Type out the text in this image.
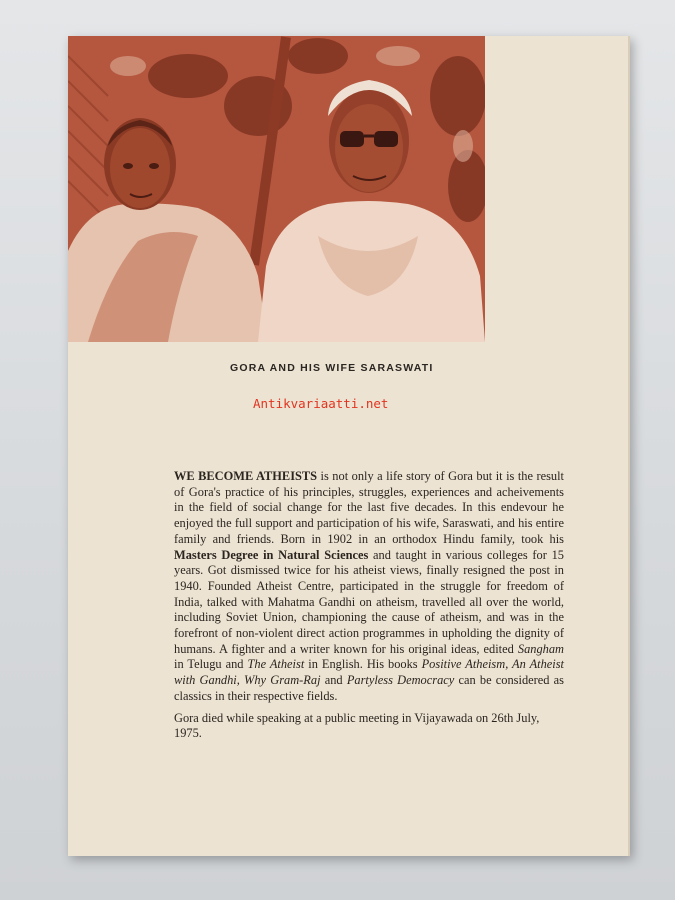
GORA AND HIS WIFE SARASWATI
Antikvariaatti.net

WE BECOME ATHEISTS is not only a life story of Gora but it is the result of Gora's practice of his principles, struggles, experiences and acheivements in the field of social change for the last five decades. In this endevour he enjoyed the full support and participation of his wife, Saraswati, and his entire family and friends. Born in 1902 in an orthodox Hindu family, took his Masters Degree in Natural Sciences and taught in various colleges for 15 years. Got dismissed twice for his atheist views, finally resigned the post in 1940. Founded Atheist Centre, participated in the struggle for freedom of India, talked with Mahatma Gandhi on atheism, travelled all over the world, including Soviet Union, championing the cause of atheism, and was in the forefront of non-violent direct action programmes in upholding the dignity of humans. A fighter and a writer known for his original ideas, edited Sangham in Telugu and The Atheist in English. His books Positive Atheism, An Atheist with Gandhi, Why Gram-Raj and Partyless Democracy can be considered as classics in their respective fields.

Gora died while speaking at a public meeting in Vijayawada on 26th July, 1975.
